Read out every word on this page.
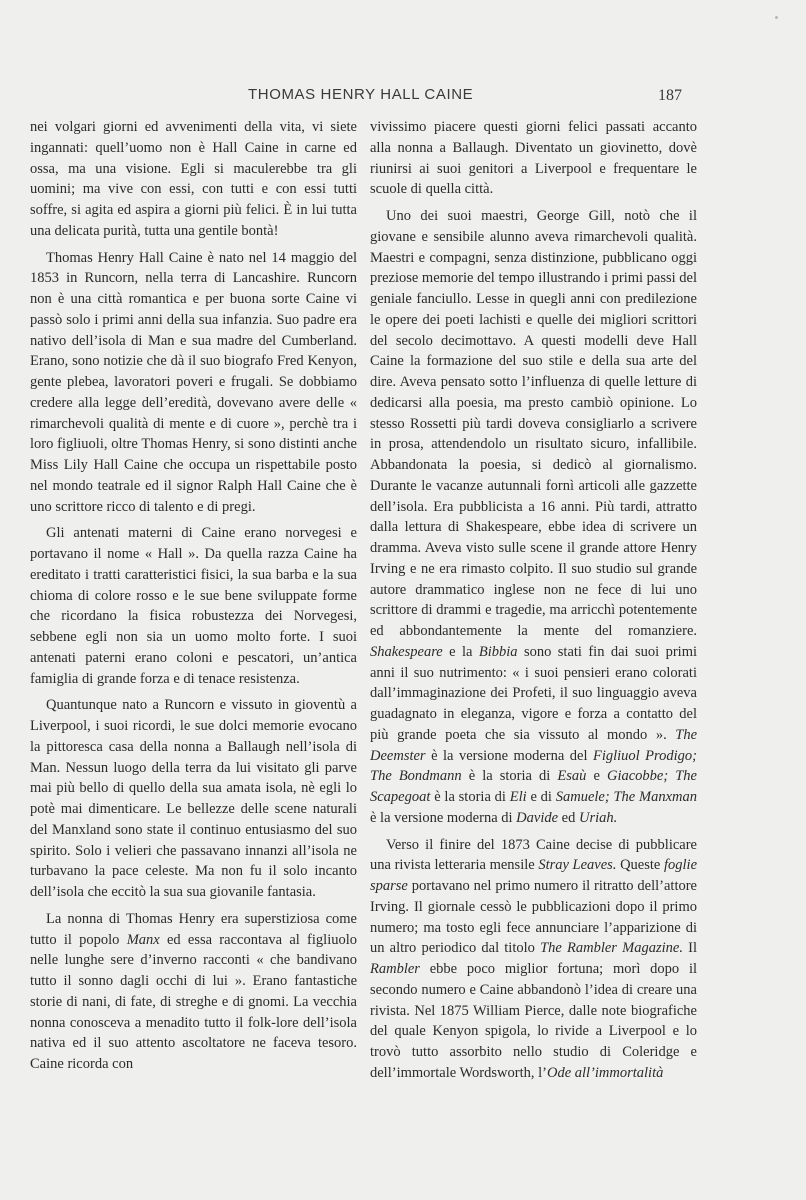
THOMAS HENRY HALL CAINE	187

nei volgari giorni ed avvenimenti della vita, vi siete ingannati: quell’uomo non è Hall Caine in carne ed ossa, ma una visione. Egli si maculerebbe tra gli uomini; ma vive con essi, con tutti e con essi tutti soffre, si agita ed aspira a giorni più felici. È in lui tutta una delicata purità, tutta una gentile bontà!

Thomas Henry Hall Caine è nato nel 14 maggio del 1853 in Runcorn, nella terra di Lancashire. Runcorn non è una città romantica e per buona sorte Caine vi passò solo i primi anni della sua infanzia. Suo padre era nativo dell’isola di Man e sua madre del Cumberland. Erano, sono notizie che dà il suo biografo Fred Kenyon, gente plebea, lavoratori poveri e frugali. Se dobbiamo credere alla legge dell’eredità, dovevano avere delle « rimarchevoli qualità di mente e di cuore », perchè tra i loro figliuoli, oltre Thomas Henry, si sono distinti anche Miss Lily Hall Caine che occupa un rispettabile posto nel mondo teatrale ed il signor Ralph Hall Caine che è uno scrittore ricco di talento e di pregi.

Gli antenati materni di Caine erano norvegesi e portavano il nome « Hall ». Da quella razza Caine ha ereditato i tratti caratteristici fisici, la sua barba e la sua chioma di colore rosso e le sue bene sviluppate forme che ricordano la fisica robustezza dei Norvegesi, sebbene egli non sia un uomo molto forte. I suoi antenati paterni erano coloni e pescatori, un’antica famiglia di grande forza e di tenace resistenza.

Quantunque nato a Runcorn e vissuto in gioventù a Liverpool, i suoi ricordi, le sue dolci memorie evocano la pittoresca casa della nonna a Ballaugh nell’isola di Man. Nessun luogo della terra da lui visitato gli parve mai più bello di quello della sua amata isola, nè egli lo potè mai dimenticare. Le bellezze delle scene naturali del Manxland sono state il continuo entusiasmo del suo spirito. Solo i velieri che passavano innanzi all’isola ne turbavano la pace celeste. Ma non fu il solo incanto dell’isola che eccitò la sua sua giovanile fantasia.

La nonna di Thomas Henry era superstiziosa come tutto il popolo Manx ed essa raccontava al figliuolo nelle lunghe sere d’inverno racconti « che bandivano tutto il sonno dagli occhi di lui ». Erano fantastiche storie di nani, di fate, di streghe e di gnomi. La vecchia nonna conosceva a menadito tutto il folk-lore dell’isola nativa ed il suo attento ascoltatore ne faceva tesoro. Caine ricorda con

vivissimo piacere questi giorni felici passati accanto alla nonna a Ballaugh. Diventato un giovinetto, dovè riunirsi ai suoi genitori a Liverpool e frequentare le scuole di quella città.

Uno dei suoi maestri, George Gill, notò che il giovane e sensibile alunno aveva rimarchevoli qualità. Maestri e compagni, senza distinzione, pubblicano oggi preziose memorie del tempo illustrando i primi passi del geniale fanciullo. Lesse in quegli anni con predilezione le opere dei poeti lachisti e quelle dei migliori scrittori del secolo decimottavo. A questi modelli deve Hall Caine la formazione del suo stile e della sua arte del dire. Aveva pensato sotto l’influenza di quelle letture di dedicarsi alla poesia, ma presto cambiò opinione. Lo stesso Rossetti più tardi doveva consigliarlo a scrivere in prosa, attendendolo un risultato sicuro, infallibile. Abbandonata la poesia, si dedicò al giornalismo. Durante le vacanze autunnali fornì articoli alle gazzette dell’isola. Era pubblicista a 16 anni. Più tardi, attratto dalla lettura di Shakespeare, ebbe idea di scrivere un dramma. Aveva visto sulle scene il grande attore Henry Irving e ne era rimasto colpito. Il suo studio sul grande autore drammatico inglese non ne fece di lui uno scrittore di drammi e tragedie, ma arricchì potentemente ed abbondantemente la mente del romanziere. Shakespeare e la Bibbia sono stati fin dai suoi primi anni il suo nutrimento: « i suoi pensieri erano colorati dall’immaginazione dei Profeti, il suo linguaggio aveva guadagnato in eleganza, vigore e forza a contatto del più grande poeta che sia vissuto al mondo ». The Deemster è la versione moderna del Figliuol Prodigo; The Bondmann è la storia di Esaù e Giacobbe; The Scapegoat è la storia di Eli e di Samuele; The Manxman è la versione moderna di Davide ed Uriah.

Verso il finire del 1873 Caine decise di pubblicare una rivista letteraria mensile Stray Leaves. Queste foglie sparse portavano nel primo numero il ritratto dell’attore Irving. Il giornale cessò le pubblicazioni dopo il primo numero; ma tosto egli fece annunciare l’apparizione di un altro periodico dal titolo The Rambler Magazine. Il Rambler ebbe poco miglior fortuna; morì dopo il secondo numero e Caine abbandonò l’idea di creare una rivista. Nel 1875 William Pierce, dalle note biografiche del quale Kenyon spigola, lo rivide a Liverpool e lo trovò tutto assorbito nello studio di Coleridge e dell’immortale Wordsworth, l’Ode all’immortalità
